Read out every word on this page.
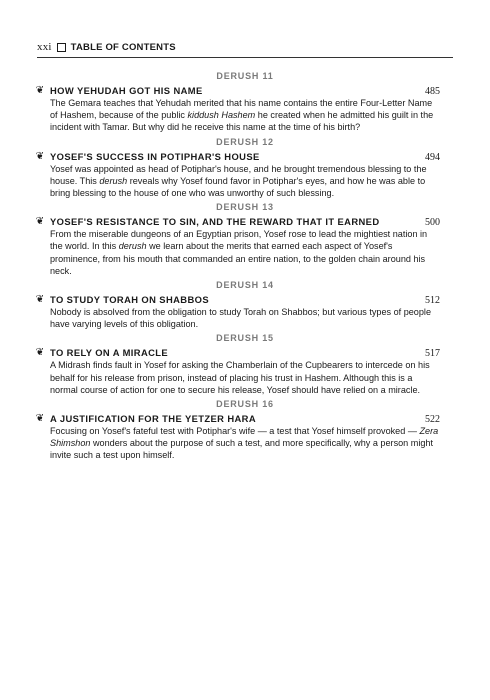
xxi TABLE OF CONTENTS
DERUSH 11
❦ HOW YEHUDAH GOT HIS NAME	485
The Gemara teaches that Yehudah merited that his name contains the entire Four-Letter Name of Hashem, because of the public kiddush Hashem he created when he admitted his guilt in the incident with Tamar. But why did he receive this name at the time of his birth?
DERUSH 12
❦ YOSEF'S SUCCESS IN POTIPHAR'S HOUSE	494
Yosef was appointed as head of Potiphar's house, and he brought tremendous blessing to the house. This derush reveals why Yosef found favor in Potiphar's eyes, and how he was able to bring blessing to the house of one who was unworthy of such blessing.
DERUSH 13
❦ YOSEF'S RESISTANCE TO SIN, AND THE REWARD THAT IT EARNED	500
From the miserable dungeons of an Egyptian prison, Yosef rose to lead the mightiest nation in the world. In this derush we learn about the merits that earned each aspect of Yosef's prominence, from his mouth that commanded an entire nation, to the golden chain around his neck.
DERUSH 14
❦ TO STUDY TORAH ON SHABBOS	512
Nobody is absolved from the obligation to study Torah on Shabbos; but various types of people have varying levels of this obligation.
DERUSH 15
❦ TO RELY ON A MIRACLE	517
A Midrash finds fault in Yosef for asking the Chamberlain of the Cupbearers to intercede on his behalf for his release from prison, instead of placing his trust in Hashem. Although this is a normal course of action for one to secure his release, Yosef should have relied on a miracle.
DERUSH 16
❦ A JUSTIFICATION FOR THE YETZER HARA	522
Focusing on Yosef's fateful test with Potiphar's wife — a test that Yosef himself provoked — Zera Shimshon wonders about the purpose of such a test, and more specifically, why a person might invite such a test upon himself.
